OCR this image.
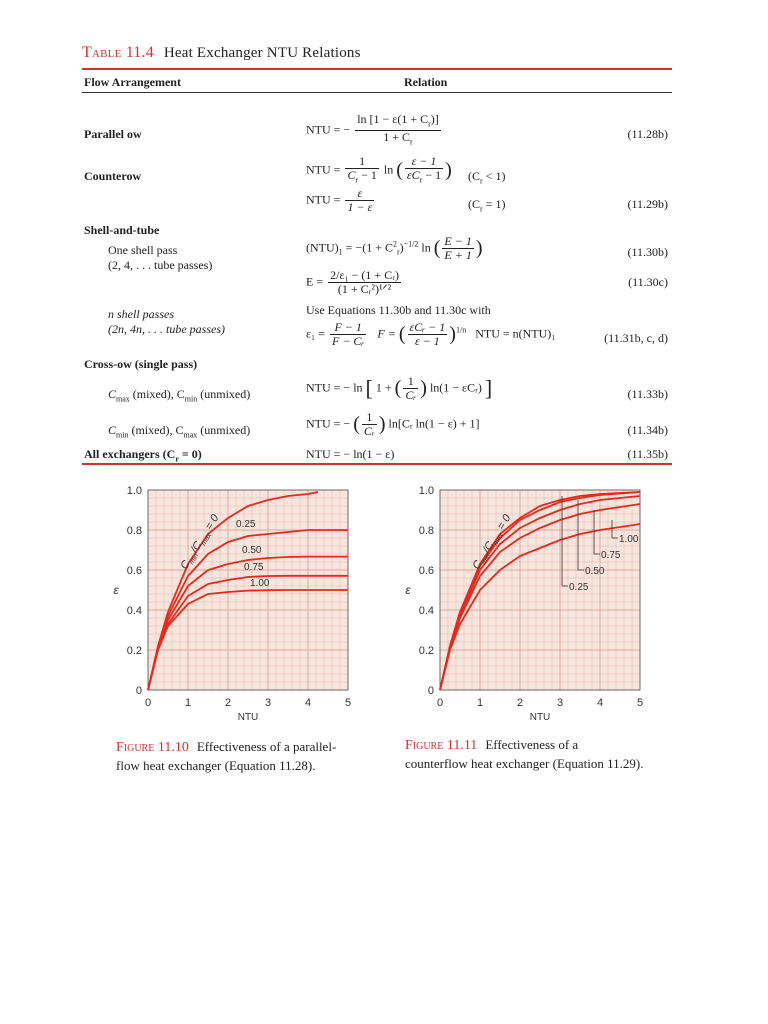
Table 11.4 Heat Exchanger NTU Relations
Flow Arrangement	Relation
Parallel ow	NTU = − $\frac{\ln [1 - \varepsilon(1 + C_r)]}{1 + C_r}$	(11.28b)
Counterow	NTU = $\frac{1}{C_r - 1}$ ln ( $\frac{\varepsilon - 1}{\varepsilon C_r - 1}$ ) $(C_r < 1)$
NTU = $\frac{\varepsilon}{1 - \varepsilon}$	$(C_r = 1)$	(11.29b)
Shell-and-tube
One shell pass
(2, 4, . . . tube passes)
$(NTU)_1 = -(1 + C^2_r)^{-1/2}$ ln ( $\frac{E - 1}{E + 1}$ )	(11.30b)
$E = \frac{\text{2/ε₁ − (1 + Cᵣ)}}{\text{(1 + Cᵣ²)¹ᐟ²}}$	(11.30c)
n shell passes
(2n, 4n, . . . tube passes)
Use Equations 11.30b and 11.30c with
$\varepsilon_1 = \frac{F - 1}{\text{F − Cᵣ}}$ F = ( $\frac{\text{εCᵣ − 1}}{\varepsilon - 1} )^{1/n}$ NTU = n(NTU)₁	(11.31b, c, d)
Cross-ow (single pass)
$C_{max}$ (mixed), $C_{min}$ (unmixed)	NTU = − ln [ 1 + ( $\frac{1}{\text{Cᵣ}}$ ) ln(1 − εCᵣ) ]	(11.33b)
$C_{min}$ (mixed), $C_{max}$ (unmixed)	NTU = − ( $\frac{1}{\text{Cᵣ}}$ ) ln[Cᵣ ln(1 − ε) + 1]	(11.34b)
All exchangers $(C_r = 0)$	NTU = − ln(1 − ε)	(11.35b)
0	1	2	3	4	5
0
0.2
0.4
0.6
0.8
1.0
NTU
ε
$C_{min}/C_{max} = 0$ 0.25
0.50
0.75
1.00
0	1	2	3	4	5
0
0.2
0.4
0.6
0.8
1.0
NTU
ε
$C_{min}/C_{max} = 0$
0.25
0.50
0.75
1.00
Figure 11.10 Effectiveness of a parallel-
flow heat exchanger (Equation 11.28).
Figure 11.11 Effectiveness of a
counterflow heat exchanger (Equation 11.29).
